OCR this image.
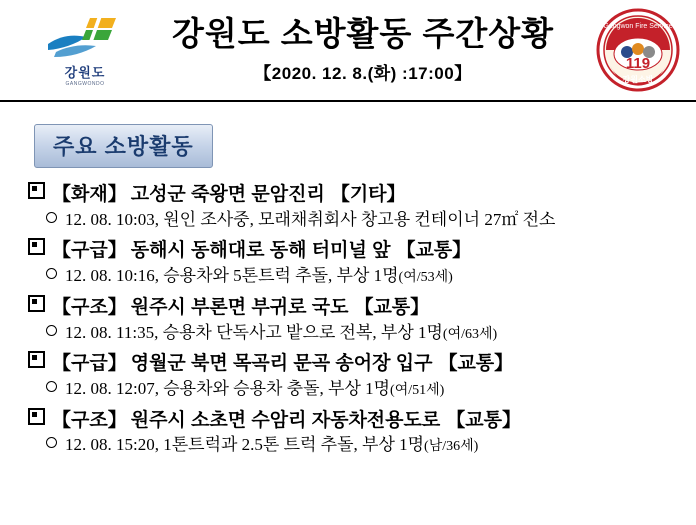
강원도
GANGWONDO
강원도 소방활동 주간상황
【2020. 12. 8.(화) :17:00】
Gangwon Fire Service
119
강원소방
주요 소방활동
【화재】 고성군 죽왕면 문암진리 【기타】
12. 08. 10:03, 원인 조사중, 모래채취회사 창고용 컨테이너 27㎡ 전소
【구급】 동해시 동해대로 동해 터미널 앞 【교통】
12. 08. 10:16, 승용차와 5톤트럭 추돌, 부상 1명(여/53세)
【구조】 원주시 부론면 부귀로 국도 【교통】
12. 08. 11:35, 승용차 단독사고 밭으로 전복, 부상 1명(여/63세)
【구급】 영월군 북면 목곡리 문곡 송어장 입구 【교통】
12. 08. 12:07, 승용차와 승용차 충돌, 부상 1명(여/51세)
【구조】 원주시 소초면 수암리 자동차전용도로 【교통】
12. 08. 15:20, 1톤트럭과 2.5톤 트럭 추돌, 부상 1명(남/36세)
